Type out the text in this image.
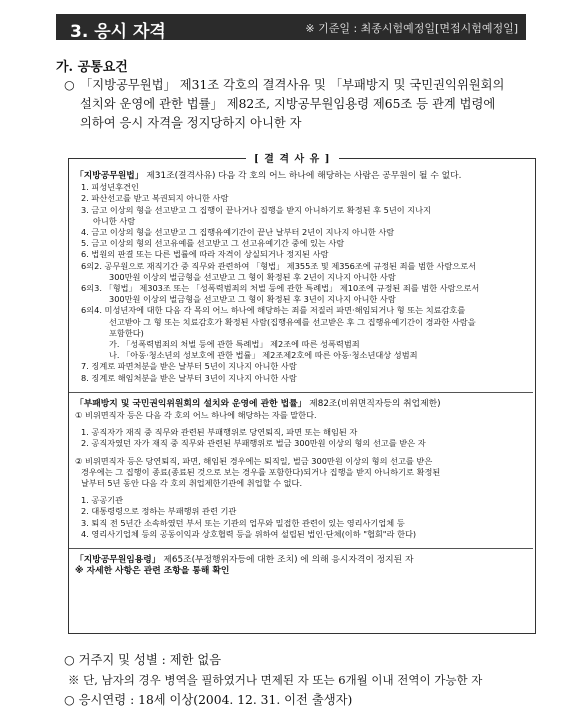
3. 응시 자격	※ 기준일 : 최종시험예정일[면접시험예정일]
가. 공통요건
○ 「지방공무원법」 제31조 각호의 결격사유 및 「부패방지 및 국민권익위원회의
설치와 운영에 관한 법률」 제82조, 지방공무원임용령 제65조 등 관계 법령에
의하여 응시 자격을 정지당하지 아니한 자
[ 결 격 사 유 ]

「지방공무원법」 제31조(결격사유) 다음 각 호의 어느 하나에 해당하는 사람은 공무원이 될 수 없다.

1. 피성년후견인

2. 파산선고를 받고 복권되지 아니한 사람

3. 금고 이상의 형을 선고받고 그 집행이 끝나거나 집행을 받지 아니하기로 확정된 후 5년이 지나지

아니한 사람

4. 금고 이상의 형을 선고받고 그 집행유예기간이 끝난 날부터 2년이 지나지 아니한 사람

5. 금고 이상의 형의 선고유예를 선고받고 그 선고유예기간 중에 있는 사람

6. 법원의 판결 또는 다른 법률에 따라 자격이 상실되거나 정지된 사람

6의2. 공무원으로 재직기간 중 직무와 관련하여 「형법」 제355조 및 제356조에 규정된 죄를 범한 사람으로서

300만원 이상의 벌금형을 선고받고 그 형이 확정된 후 2년이 지나지 아니한 사람

6의3. 「형법」 제303조 또는 「성폭력범죄의 처벌 등에 관한 특례법」 제10조에 규정된 죄를 범한 사람으로서

300만원 이상의 벌금형을 선고받고 그 형이 확정된 후 3년이 지나지 아니한 사람

6의4. 미성년자에 대한 다음 각 목의 어느 하나에 해당하는 죄를 저질러 파면·해임되거나 형 또는 치료감호를

선고받아 그 형 또는 치료감호가 확정된 사람(집행유예를 선고받은 후 그 집행유예기간이 경과한 사람을

포함한다)

가. 「성폭력범죄의 처벌 등에 관한 특례법」 제2조에 따른 성폭력범죄

나. 「아동·청소년의 성보호에 관한 법률」 제2조제2호에 따른 아동·청소년대상 성범죄

7. 징계로 파면처분을 받은 날부터 5년이 지나지 아니한 사람

8. 징계로 해임처분을 받은 날부터 3년이 지나지 아니한 사람

「부패방지 및 국민권익위원회의 설치와 운영에 관한 법률」 제82조(비위면직자등의 취업제한)

① 비위면직자 등은 다음 각 호의 어느 하나에 해당하는 자를 말한다.

1. 공직자가 재직 중 직무와 관련된 부패행위로 당연퇴직, 파면 또는 해임된 자

2. 공직자였던 자가 재직 중 직무와 관련된 부패행위로 벌금 300만원 이상의 형의 선고를 받은 자

② 비위면직자 등은 당연퇴직, 파면, 해임된 경우에는 퇴직일, 벌금 300만원 이상의 형의 선고를 받은

경우에는 그 집행이 종료(종료된 것으로 보는 경우를 포함한다)되거나 집행을 받지 아니하기로 확정된

날부터 5년 동안 다음 각 호의 취업제한기관에 취업할 수 없다.

1. 공공기관

2. 대통령령으로 정하는 부패행위 관련 기관

3. 퇴직 전 5년간 소속하였던 부서 또는 기관의 업무와 밀접한 관련이 있는 영리사기업체 등

4. 영리사기업체 등의 공동이익과 상호협력 등을 위하여 설립된 법인·단체(이하 "협회"라 한다)

「지방공무원임용령」 제65조(부정행위자등에 대한 조치) 에 의해 응시자격이 정지된 자

※ 자세한 사항은 관련 조항을 통해 확인

○ 거주지 및 성별 : 제한 없음
※ 단, 남자의 경우 병역을 필하였거나 면제된 자 또는 6개월 이내 전역이 가능한 자
○ 응시연령 : 18세 이상(2004. 12. 31. 이전 출생자)
